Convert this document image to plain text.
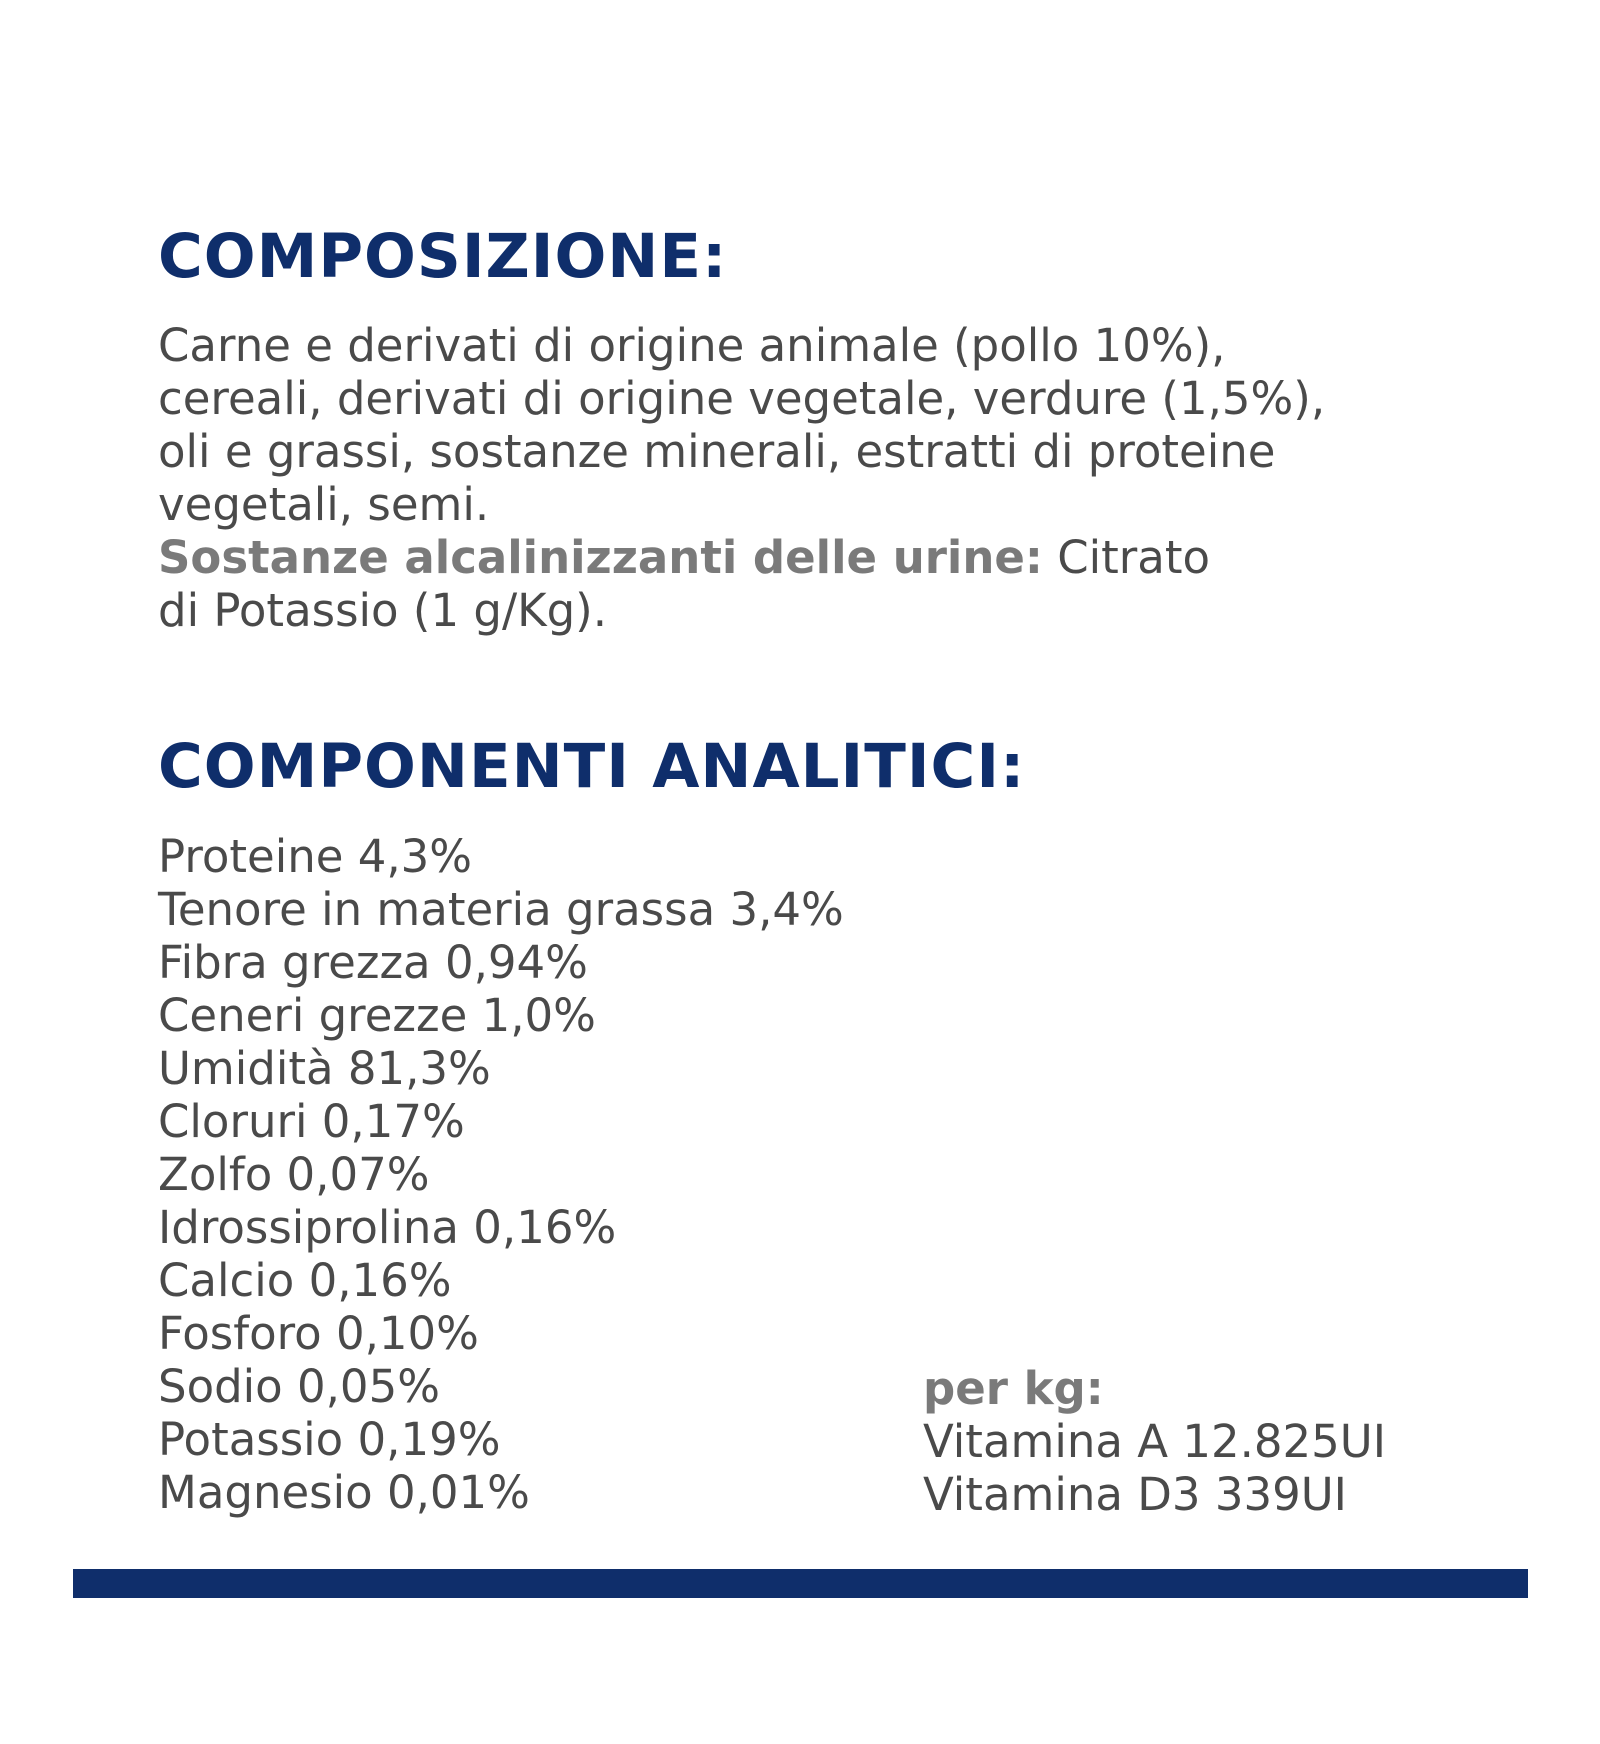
COMPOSIZIONE:
Carne e derivati di origine animale (pollo 10%),
cereali, derivati di origine vegetale, verdure (1,5%),
oli e grassi, sostanze minerali, estratti di proteine
vegetali, semi.
Sostanze alcalinizzanti delle urine: Citrato
di Potassio (1 g/Kg).
COMPONENTI ANALITICI:
Proteine 4,3%
Tenore in materia grassa 3,4%
Fibra grezza 0,94%
Ceneri grezze 1,0%
Umidità 81,3%
Cloruri 0,17%
Zolfo 0,07%
Idrossiprolina 0,16%
Calcio 0,16%
Fosforo 0,10%
Sodio 0,05%
Potassio 0,19%
Magnesio 0,01%
per kg:
Vitamina A 12.825UI
Vitamina D3 339UI
